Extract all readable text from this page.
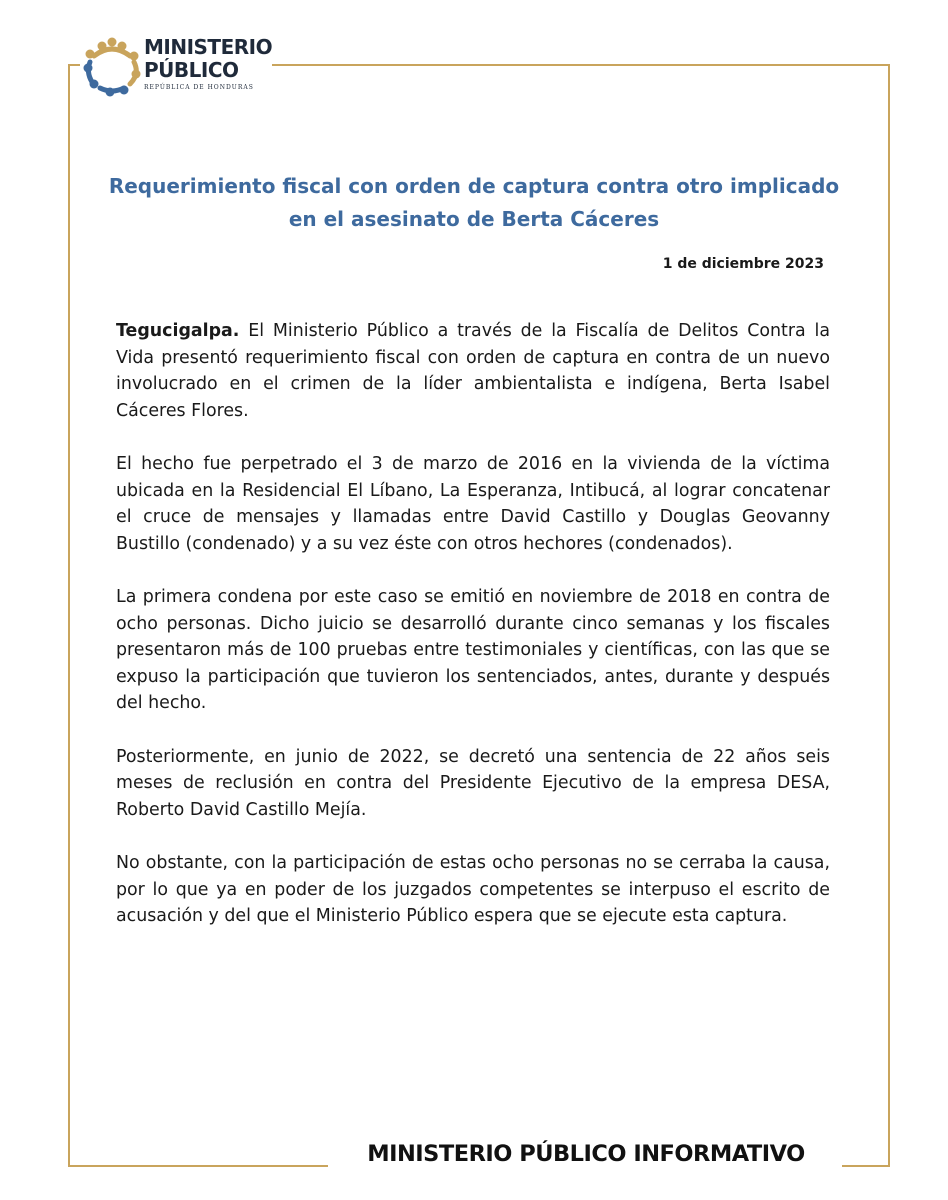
MINISTERIO
PÚBLICO
REPÚBLICA DE HONDURAS
Requerimiento fiscal con orden de captura contra otro implicado en el asesinato de Berta Cáceres
1 de diciembre 2023

Tegucigalpa. El Ministerio Público a través de la Fiscalía de Delitos Contra la Vida presentó requerimiento fiscal con orden de captura en contra de un nuevo involucrado en el crimen de la líder ambientalista e indígena, Berta Isabel Cáceres Flores.

El hecho fue perpetrado el 3 de marzo de 2016 en la vivienda de la víctima ubicada en la Residencial El Líbano, La Esperanza, Intibucá, al lograr concatenar el cruce de mensajes y llamadas entre David Castillo y Douglas Geovanny Bustillo (condenado) y a su vez éste con otros hechores (condenados).

La primera condena por este caso se emitió en noviembre de 2018 en contra de ocho personas. Dicho juicio se desarrolló durante cinco semanas y los fiscales presentaron más de 100 pruebas entre testimoniales y científicas, con las que se expuso la participación que tuvieron los sentenciados, antes, durante y después del hecho.

Posteriormente, en junio de 2022, se decretó una sentencia de 22 años seis meses de reclusión en contra del Presidente Ejecutivo de la empresa DESA, Roberto David Castillo Mejía.

No obstante, con la participación de estas ocho personas no se cerraba la causa, por lo que ya en poder de los juzgados competentes se interpuso el escrito de acusación y del que el Ministerio Público espera que se ejecute esta captura.

MINISTERIO PÚBLICO INFORMATIVO
